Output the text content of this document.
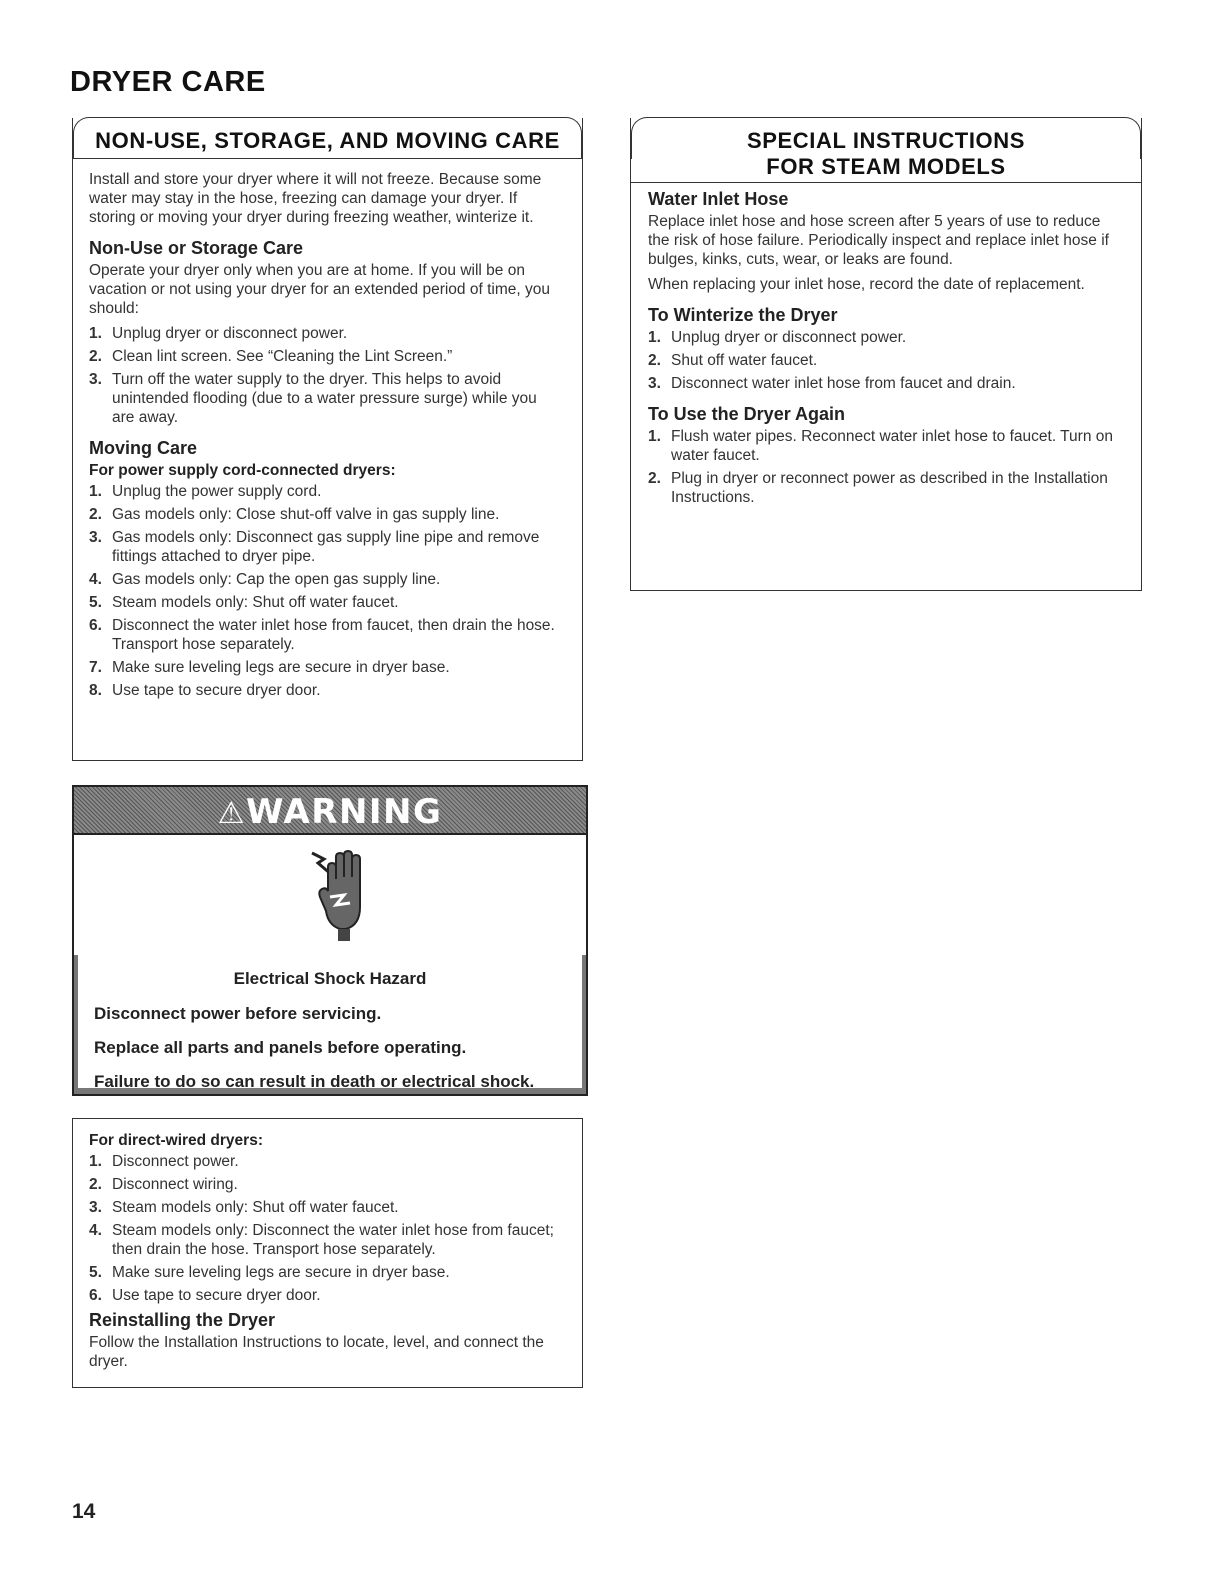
DRYER CARE
NON-USE, STORAGE, AND MOVING CARE

Install and store your dryer where it will not freeze. Because some water may stay in the hose, freezing can damage your dryer. If storing or moving your dryer during freezing weather, winterize it.

Non-Use or Storage Care

Operate your dryer only when you are at home. If you will be on vacation or not using your dryer for an extended period of time, you should:

1. Unplug dryer or disconnect power.
2. Clean lint screen. See “Cleaning the Lint Screen.”
3. Turn off the water supply to the dryer. This helps to avoid unintended flooding (due to a water pressure surge) while you are away.
Moving Care
For power supply cord-connected dryers:
1. Unplug the power supply cord.
2. Gas models only: Close shut-off valve in gas supply line.
3. Gas models only: Disconnect gas supply line pipe and remove fittings attached to dryer pipe.
4. Gas models only: Cap the open gas supply line.
5. Steam models only: Shut off water faucet.
6. Disconnect the water inlet hose from faucet, then drain the hose. Transport hose separately.
7. Make sure leveling legs are secure in dryer base.
8. Use tape to secure dryer door.
⚠WARNING
Electrical Shock Hazard
Disconnect power before servicing.
Replace all parts and panels before operating.
Failure to do so can result in death or electrical shock.
For direct-wired dryers:
1. Disconnect power.
2. Disconnect wiring.
3. Steam models only: Shut off water faucet.
4. Steam models only: Disconnect the water inlet hose from faucet; then drain the hose. Transport hose separately.
5. Make sure leveling legs are secure in dryer base.
6. Use tape to secure dryer door.
Reinstalling the Dryer

Follow the Installation Instructions to locate, level, and connect the dryer.

SPECIAL INSTRUCTIONS
FOR STEAM MODELS
Water Inlet Hose

Replace inlet hose and hose screen after 5 years of use to reduce the risk of hose failure. Periodically inspect and replace inlet hose if bulges, kinks, cuts, wear, or leaks are found.

When replacing your inlet hose, record the date of replacement.

To Winterize the Dryer
1. Unplug dryer or disconnect power.
2. Shut off water faucet.
3. Disconnect water inlet hose from faucet and drain.
To Use the Dryer Again
1. Flush water pipes. Reconnect water inlet hose to faucet. Turn on water faucet.
2. Plug in dryer or reconnect power as described in the Installation Instructions.
14
